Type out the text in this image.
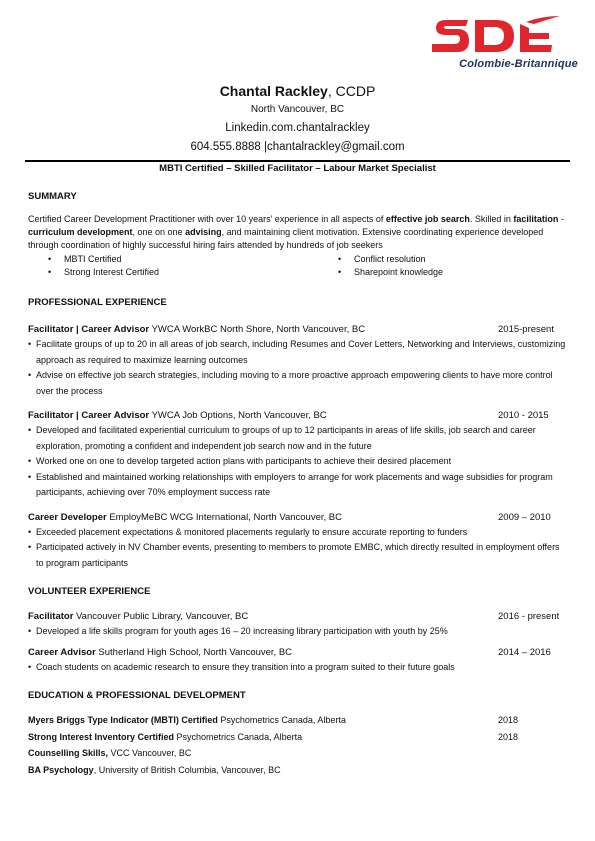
Colombie-Britannique
Chantal Rackley, CCDP
North Vancouver, BC
Linkedin.com.chantalrackley
604.555.8888 |chantalrackley@gmail.com
MBTI Certified – Skilled Facilitator – Labour Market Specialist
SUMMARY
Certified Career Development Practitioner with over 10 years’ experience in all aspects of effective job search. Skilled in facilitation - curriculum development, one on one advising, and maintaining client motivation. Extensive coordinating experience developed through coordination of highly successful hiring fairs attended by hundreds of job seekers
• MBTI Certified
• Strong Interest Certified
• Conflict resolution
• Sharepoint knowledge
PROFESSIONAL EXPERIENCE
Facilitator | Career Advisor YWCA WorkBC North Shore, North Vancouver, BC	2015-present
• Facilitate groups of up to 20 in all areas of job search, including Resumes and Cover Letters, Networking and Interviews, customizing approach as required to maximize learning outcomes
• Advise on effective job search strategies, including moving to a more proactive approach empowering clients to have more control over the process
Facilitator | Career Advisor YWCA Job Options, North Vancouver, BC	2010 - 2015
• Developed and facilitated experiential curriculum to groups of up to 12 participants in areas of life skills, job search and career exploration, promoting a confident and independent job search now and in the future
• Worked one on one to develop targeted action plans with participants to achieve their desired placement
• Established and maintained working relationships with employers to arrange for work placements and wage subsidies for program participants, achieving over 70% employment success rate
Career Developer EmployMeBC WCG International, North Vancouver, BC	2009 – 2010
• Exceeded placement expectations & monitored placements regularly to ensure accurate reporting to funders
• Participated actively in NV Chamber events, presenting to members to promote EMBC, which directly resulted in employment offers to program participants
VOLUNTEER EXPERIENCE
Facilitator Vancouver Public Library, Vancouver, BC	2016 - present
• Developed a life skills program for youth ages 16 – 20 increasing library participation with youth by 25%
Career Advisor Sutherland High School, North Vancouver, BC	2014 – 2016
• Coach students on academic research to ensure they transition into a program suited to their future goals
EDUCATION & PROFESSIONAL DEVELOPMENT
Myers Briggs Type Indicator (MBTI) Certified Psychometrics Canada, Alberta	2018
Strong Interest Inventory Certified Psychometrics Canada, Alberta	2018
Counselling Skills, VCC Vancouver, BC
BA Psychology, University of British Columbia, Vancouver, BC
